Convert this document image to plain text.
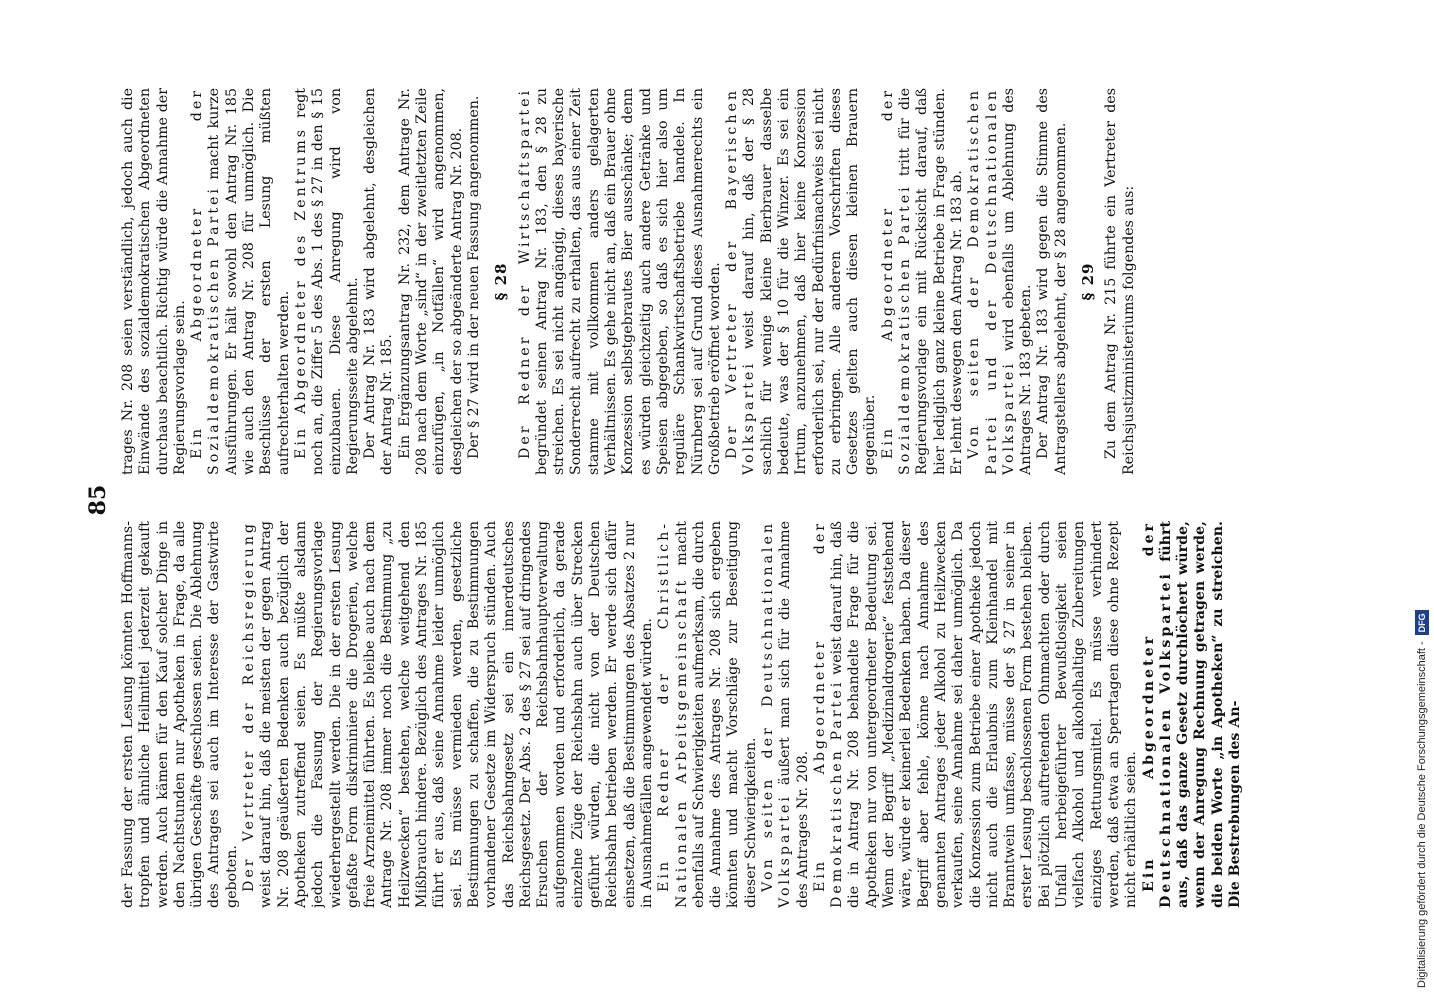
85

der Fassung der ersten Lesung könnten Hoffmanns-tropfen und ähnliche Heilmittel jederzeit gekauft werden. Auch kämen für den Kauf solcher Dinge in den Nachtstunden nur Apotheken in Frage, da alle übrigen Geschäfte geschlossen seien. Die Ablehnung des Antrages sei auch im Interesse der Gastwirte geboten. Der Vertreter der Reichsregierung weist darauf hin, daß die meisten der gegen Antrag Nr. 208 geäußerten Bedenken auch bezüglich der Apotheken zutreffend seien. Es müßte alsdann jedoch die Fassung der Regierungsvorlage wiederhergestellt werden. Die in der ersten Lesung gefaßte Form diskriminiere die Drogerien, welche freie Arzneimittel führten. Es bleibe auch nach dem Antrage Nr. 208 immer noch die Bestimmung „zu Heilzwecken“ bestehen, welche weitgehend den Mißbrauch hindere. Bezüglich des Antrages Nr. 185 führt er aus, daß seine Annahme leider unmöglich sei. Es müsse vermieden werden, gesetzliche Bestimmungen zu schaffen, die zu Bestimmungen vorhandener Gesetze im Widerspruch stünden. Auch das Reichsbahngesetz sei ein innerdeutsches Reichsgesetz. Der Abs. 2 des § 27 sei auf dringendes Ersuchen der Reichsbahnhauptverwaltung aufgenommen worden und erforderlich, da gerade einzelne Züge der Reichsbahn auch über Strecken geführt würden, die nicht von der Deutschen Reichsbahn betrieben werden. Er werde sich dafür einsetzen, daß die Bestimmungen des Absatzes 2 nur in Ausnahmefällen angewendet würden. Ein Redner der Christlich-Nationalen Arbeitsgemeinschaft macht ebenfalls auf Schwierigkeiten aufmerksam, die durch die Annahme des Antrages Nr. 208 sich ergeben könnten und macht Vorschläge zur Beseitigung dieser Schwierigkeiten. Von seiten der Deutschnationalen Volkspartei äußert man sich für die Annahme des Antrages Nr. 208. Ein Abgeordneter der Demokratischen Partei weist darauf hin, daß die in Antrag Nr. 208 behandelte Frage für die Apotheken nur von untergeordneter Bedeutung sei. Wenn der Begriff „Medizinaldrogerie“ feststehend wäre, würde er keinerlei Bedenken haben. Da dieser Begriff aber fehle, könne nach Annahme des genannten Antrages jeder Alkohol zu Heilzwecken verkaufen, seine Annahme sei daher unmöglich. Da die Konzession zum Betriebe einer Apotheke jedoch nicht auch die Erlaubnis zum Kleinhandel mit Branntwein umfasse, müsse der § 27 in seiner in erster Lesung beschlossenen Form bestehen bleiben. Bei plötzlich auftretenden Ohnmachten oder durch Unfall herbeigeführter Bewußtlosigkeit seien vielfach Alkohol und alkoholhaltige Zubereitungen einziges Rettungsmittel. Es müsse verhindert werden, daß etwa an Sperrtagen diese ohne Rezept nicht erhältlich seien. Ein Abgeordneter der Deutschnationalen Volkspartei führt aus, daß das ganze Gesetz durchlöchert würde, wenn der Anregung Rechnung getragen werde, die beiden Worte „in Apotheken“ zu streichen. Die Bestrebungen des An-

trages Nr. 208 seien verständlich, jedoch auch die Einwände des sozialdemokratischen Abgeordneten durchaus beachtlich. Richtig würde die Annahme der Regierungsvorlage sein. Ein Abgeordneter der Sozialdemokratischen Partei macht kurze Ausführungen. Er hält sowohl den Antrag Nr. 185 wie auch den Antrag Nr. 208 für unmöglich. Die Beschlüsse der ersten Lesung müßten aufrechterhalten werden. Ein Abgeordneter des Zentrums regt noch an, die Ziffer 5 des Abs. 1 des § 27 in den § 15 einzubauen. Diese Anregung wird von Regierungsseite abgelehnt. Der Antrag Nr. 183 wird abgelehnt, desgleichen der Antrag Nr. 185. Ein Ergänzungsantrag Nr. 232, dem Antrage Nr. 208 nach dem Worte „sind“ in der zweitletzten Zeile einzufügen, „in Notfällen“ wird angenommen, desgleichen der so abgeänderte Antrag Nr. 208. Der § 27 wird in der neuen Fassung angenommen. § 28 Der Redner der Wirtschaftspartei begründet seinen Antrag Nr. 183, den § 28 zu streichen. Es sei nicht angängig, dieses bayerische Sonderrecht aufrecht zu erhalten, das aus einer Zeit stamme mit vollkommen anders gelagerten Verhältnissen. Es gehe nicht an, daß ein Brauer ohne Konzession selbstgebrautes Bier ausschänke; denn es würden gleichzeitig auch andere Getränke und Speisen abgegeben, so daß es sich hier also um reguläre Schankwirtschaftsbetriebe handele. In Nürnberg sei auf Grund dieses Ausnahmerechts ein Großbetrieb eröffnet worden. Der Vertreter der Bayerischen Volkspartei weist darauf hin, daß der § 28 sachlich für wenige kleine Bierbrauer dasselbe bedeute, was der § 10 für die Winzer. Es sei ein Irrtum, anzunehmen, daß hier keine Konzession erforderlich sei, nur der Bedürfnisnachweis sei nicht zu erbringen. Alle anderen Vorschriften dieses Gesetzes gelten auch diesen kleinen Brauern gegenüber. Ein Abgeordneter der Sozialdemokratischen Partei tritt für die Regierungsvorlage ein mit Rücksicht darauf, daß hier lediglich ganz kleine Betriebe in Frage stünden. Er lehnt deswegen den Antrag Nr. 183 ab. Von seiten der Demokratischen Partei und der Deutschnationalen Volkspartei wird ebenfalls um Ablehnung des Antrages Nr. 183 gebeten. Der Antrag Nr. 183 wird gegen die Stimme des Antragstellers abgelehnt, der § 28 angenommen. § 29 Zu dem Antrag Nr. 215 führte ein Vertreter des Reichsjustizministeriums folgendes aus:

Digitalisierung gefördert durch die Deutsche Forschungsgemeinschaft -DFG
